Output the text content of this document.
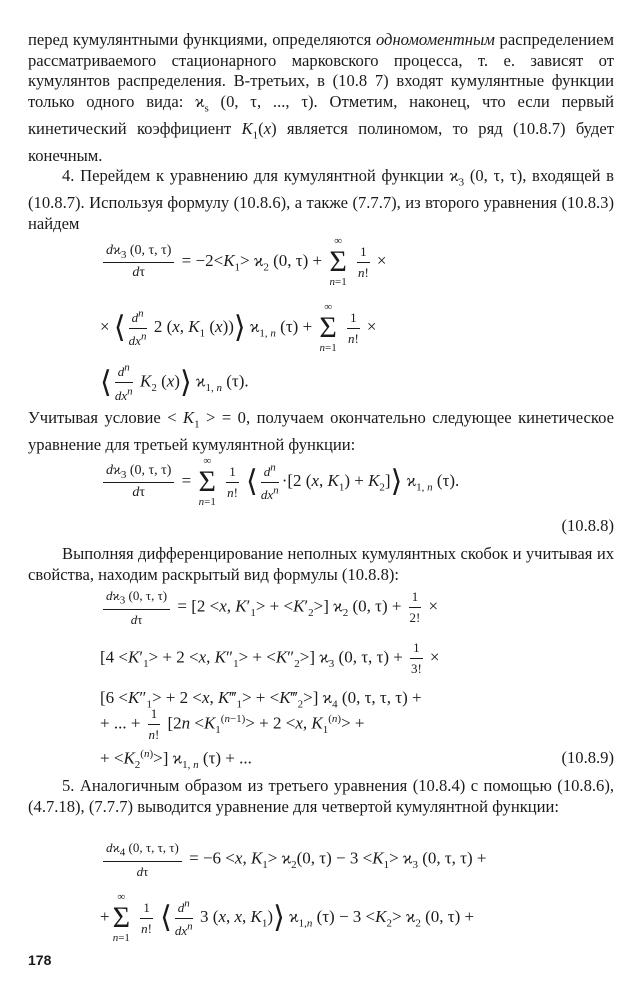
перед кумулянтными функциями, определяются одномоментным распределением рассматриваемого стационарного марковского процесса, т. е. зависят от кумулянтов распределения. В-третьих, в (10.8 7) входят кумулянтные функции только одного вида: $ϰ_s$ (0, τ, ..., τ). Отметим, наконец, что если первый кинетический коэффициент $K_1(x)$ является полиномом, то ряд (10.8.7) будет конечным.

4. Перейдем к уравнению для кумулянтной функции $ϰ_3$ (0, τ, τ), входящей в (10.8.7). Используя формулу (10.8.6), а также (7.7.7), из второго уравнения (10.8.3) найдем

$\frac{dϰ_3 (0, \tau, \tau)}{d\tau} = -2<K_1> ϰ_2$ (0, τ) +
∞
Σ
n=1

$\frac{1}{n!}$ ×
× ⟨ $\frac{d^n}{dx^n} 2$ (x, $K_1$ (x))⟩ $ϰ_{1, n}$ (τ) +
∞
Σ
n=1

$\frac{1}{n!}$ ×
⟨ $\frac{d^n}{dx^n} K_2$ (x)⟩ $ϰ_{1, n}$ (τ).

Учитывая условие < $K_1$ > = 0, получаем окончательно следующее кинетическое уравнение для третьей кумулянтной функции:

$\frac{dϰ_3 (0, \tau, \tau)}{d\tau}$ =
∞
Σ
n=1

$\frac{1}{n!}$ ⟨ $\frac{d^n}{dx^n} \cdot[2$ (x, $K_1$) + $K_2]⟩$ $ϰ_{1, n}$ (τ).
(10.8.8)

Выполняя дифференцирование неполных кумулянтных скобок и учитывая их свойства, находим раскрытый вид формулы (10.8.8):

$\frac{dϰ_3 (0, \tau, \tau)}{d\tau} = [2 <x$, $K'_1> + <K'_2>$] $ϰ_2$ (0, $\tau) + \frac{1}{2!}$ ×
[$4 <K'_1> + 2 <x$, $K''_1> + <K''_2>$] $ϰ_3$ (0, τ, $\tau) + \frac{1}{3!}$ ×
[$6 <K''_1> + 2 <x$, $K‴_1>$ + $<K‴_2>$] $ϰ_4$ (0, τ, τ, τ) +
+ ... + $\frac{1}{n!} [2n <K_1^{(n-1)}> + 2 <x$, $K_1^{(n)}>$ +
+ $<K_2^{(n)}>$] $ϰ_{1, n}$ (τ) + ...	(10.8.9)

5. Аналогичным образом из третьего уравнения (10.8.4) с помощью (10.8.6), (4.7.18), (7.7.7) выводится уравнение для четвертой кумулянтной функции:

$\frac{dϰ_4 (0, \tau, \tau, \tau)}{d\tau} = -6 <x$, $K_1> ϰ_2(0$, $\tau) - 3 <K_1> ϰ_3$ (0, τ, τ) +
+
∞
Σ
n=1

$\frac{1}{n!}$ ⟨ $\frac{d^n}{dx^n} 3$ (x, x, $K_1)⟩$ $ϰ_{1,n}$ $(\tau) - 3 <K_2> ϰ_2$ (0, τ) +
178
